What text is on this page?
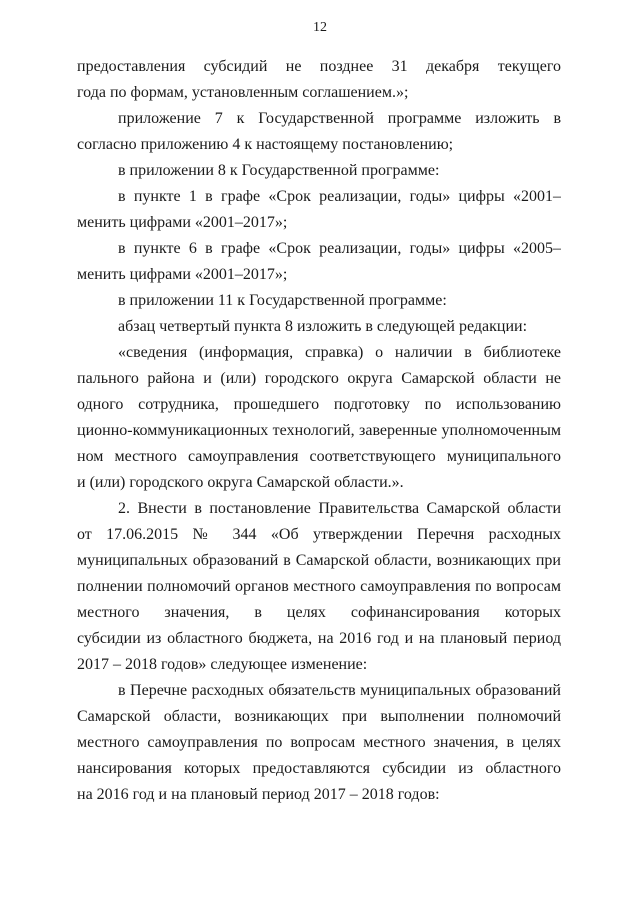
12
предоставления субсидий не позднее 31 декабря текущего
года по формам, установленным соглашением.»;
приложение 7 к Государственной программе изложить в
согласно приложению 4 к настоящему постановлению;
в приложении 8 к Государственной программе:
в пункте 1 в графе «Срок реализации, годы» цифры «2001–
менить цифрами «2001–2017»;
в пункте 6 в графе «Срок реализации, годы» цифры «2005–
менить цифрами «2001–2017»;
в приложении 11 к Государственной программе:
абзац четвертый пункта 8 изложить в следующей редакции:
«сведения (информация, справка) о наличии в библиотеке
пального района и (или) городского округа Самарской области не
одного сотрудника, прошедшего подготовку по использованию
ционно-коммуникационных технологий, заверенные уполномоченным
ном местного самоуправления соответствующего муниципального
и (или) городского округа Самарской области.».
2. Внести в постановление Правительства Самарской области
от 17.06.2015 № 344 «Об утверждении Перечня расходных
муниципальных образований в Самарской области, возникающих при
полнении полномочий органов местного самоуправления по вопросам
местного значения, в целях софинансирования которых
субсидии из областного бюджета, на 2016 год и на плановый период
2017 – 2018 годов» следующее изменение:
в Перечне расходных обязательств муниципальных образований
Самарской области, возникающих при выполнении полномочий
местного самоуправления по вопросам местного значения, в целях
нансирования которых предоставляются субсидии из областного
на 2016 год и на плановый период 2017 – 2018 годов:
